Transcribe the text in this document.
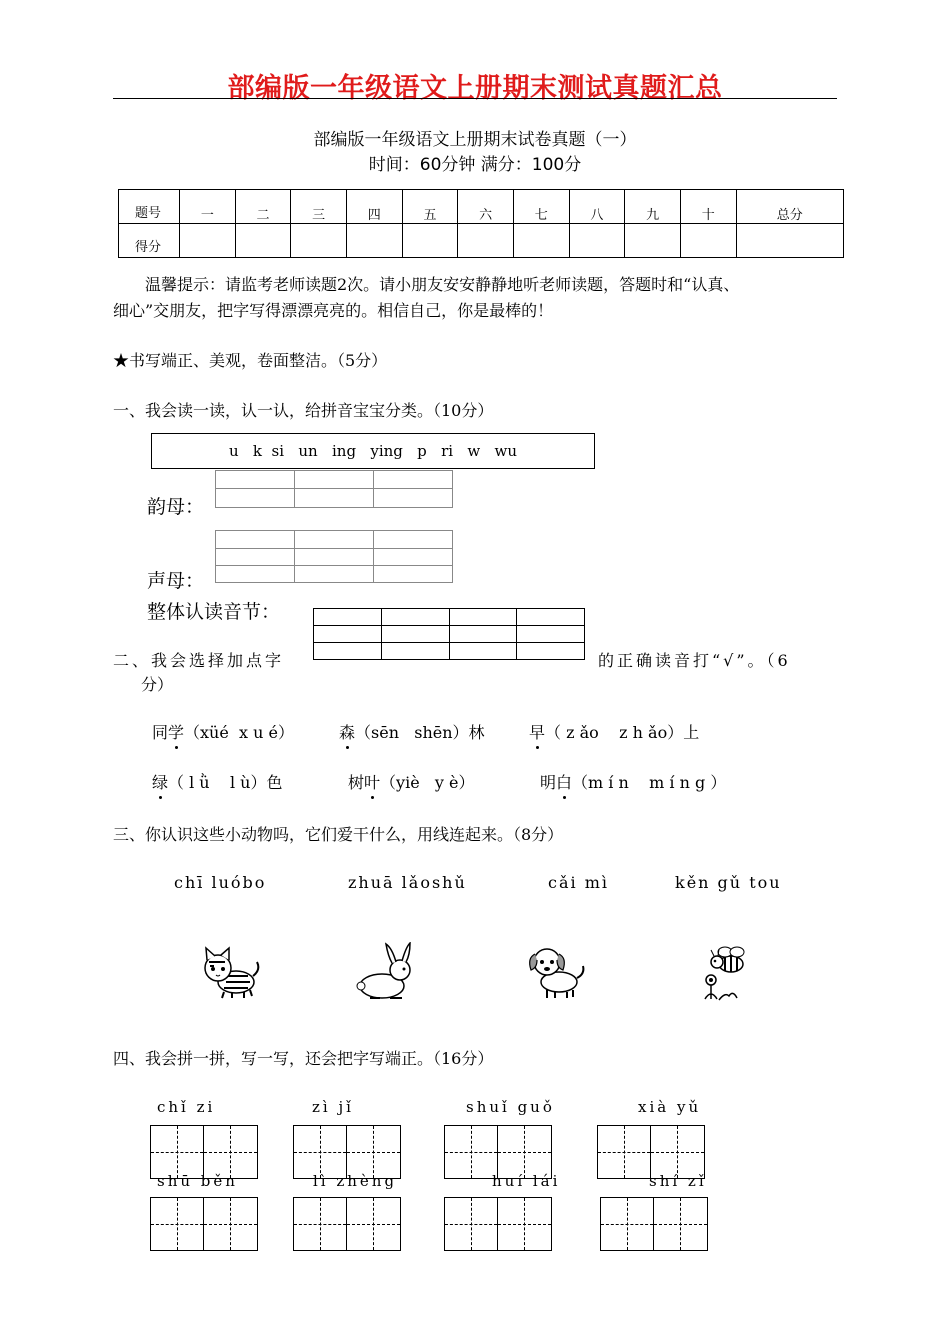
部编版一年级语文上册期末测试真题汇总
部编版一年级语文上册期末试卷真题（一）
时间：60分钟 满分：100分
题号	一	二	三	四	五	六	七	八	九	十	总分
得分											
温馨提示：请监考老师读题2次。请小朋友安安静静地听老师读题，答题时和“认真、
细心”交朋友，把字写得漂漂亮亮的。相信自己，你是最棒的！
★书写端正、美观，卷面整洁。（5分）
一、我会读一读，认一认，给拼音宝宝分类。（10分）
u   k  si   un   ing   ying   p   ri   w   wu

韵母：

声母：
整体认读音节：

二、我会选择加点字	的正确读音打“√”。（6
分）
同学（xüé  x u é）	森（sēn   shēn）林	早（ z ǎo    z h ǎo）上
绿（ l ǜ    l ù）色	树叶（yiè   y è）	明白（m í n    m í n g ）
三、你认识这些小动物吗，它们爱干什么，用线连起来。（8分）
chī luóbo	zhuā lǎoshǔ	cǎi mì	kěn gǔ tou
四、我会拼一拼，写一写，还会把字写端正。（16分）
chǐ zi	zì jǐ	shuǐ guǒ	xià yǔ
shū běn	lì zhèng	huí lái	shí zǐ
